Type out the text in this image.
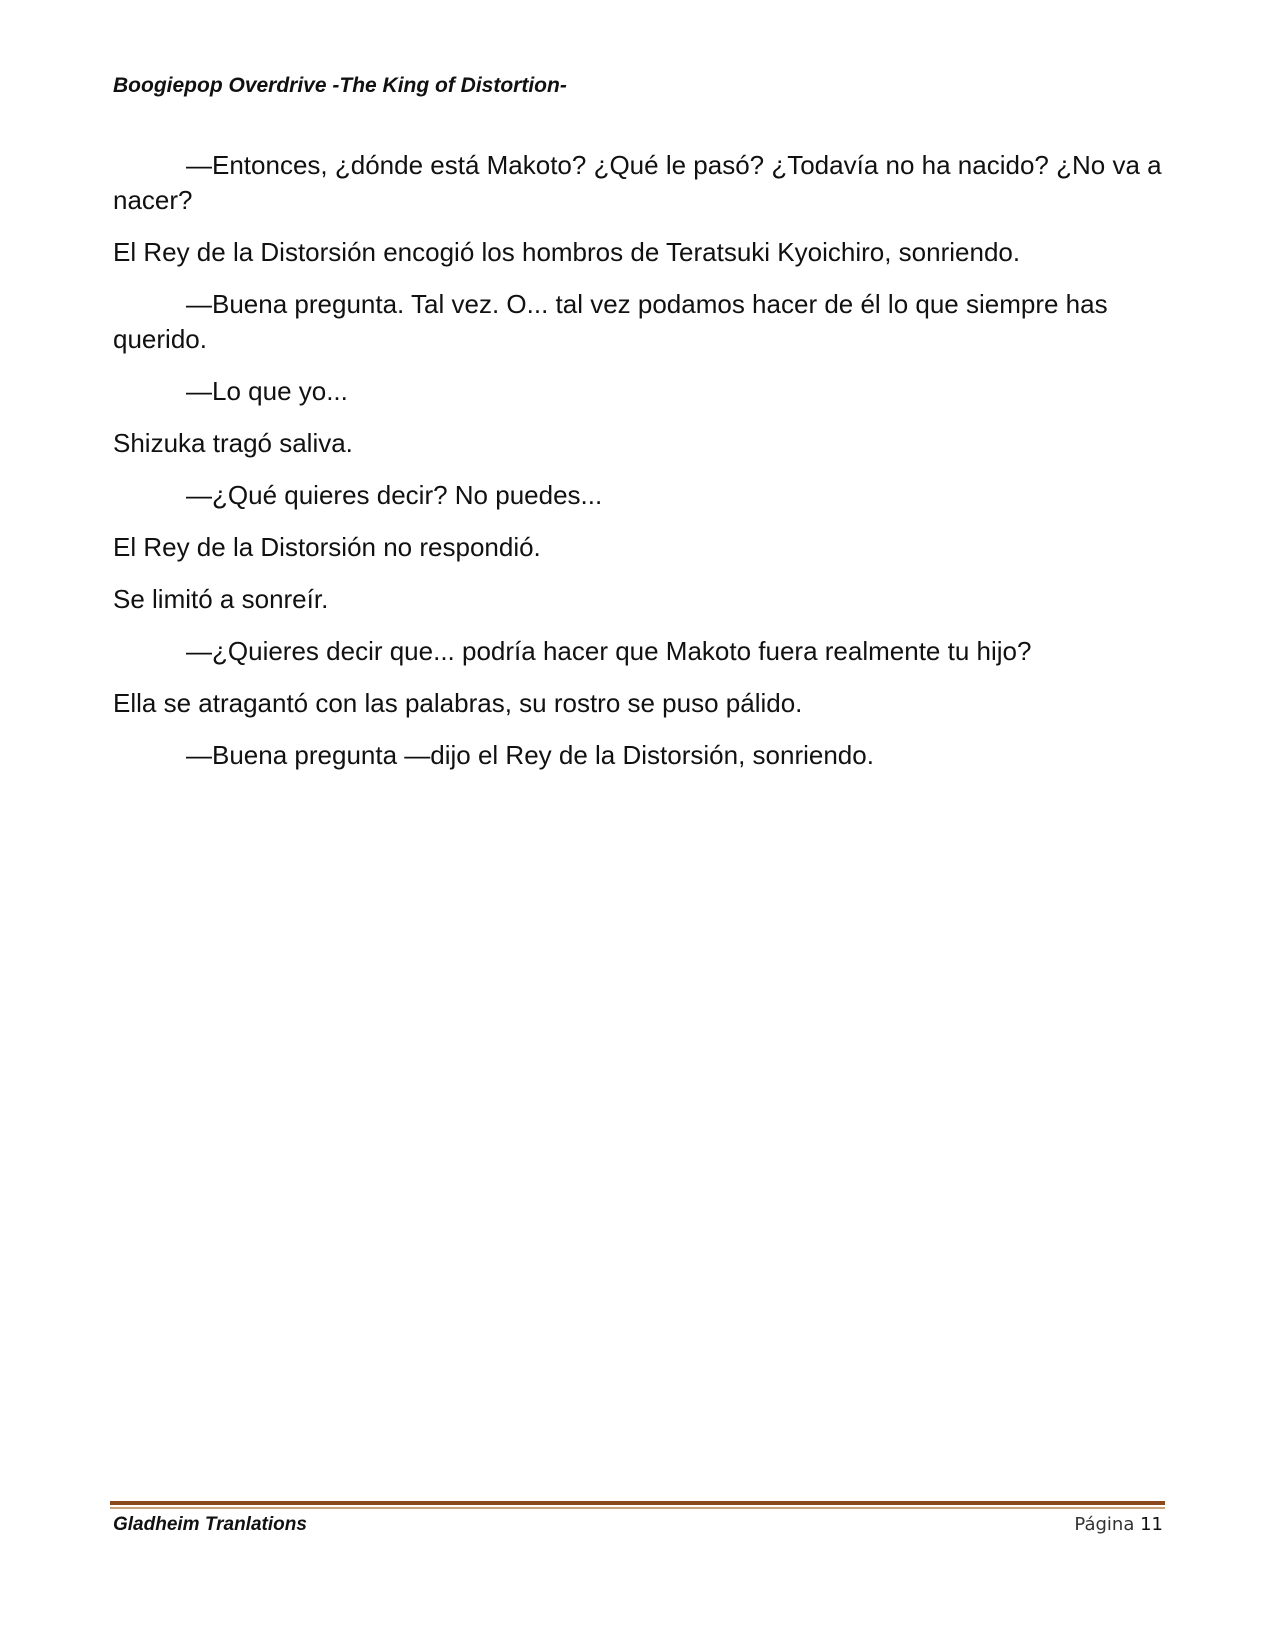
Boogiepop Overdrive -The King of Distortion-

—Entonces, ¿dónde está Makoto? ¿Qué le pasó? ¿Todavía no ha nacido? ¿No va a nacer?

El Rey de la Distorsión encogió los hombros de Teratsuki Kyoichiro, sonriendo.

—Buena pregunta. Tal vez. O... tal vez podamos hacer de él lo que siempre has querido.

—Lo que yo...

Shizuka tragó saliva.

—¿Qué quieres decir? No puedes...

El Rey de la Distorsión no respondió.

Se limitó a sonreír.

—¿Quieres decir que... podría hacer que Makoto fuera realmente tu hijo?

Ella se atragantó con las palabras, su rostro se puso pálido.

—Buena pregunta —dijo el Rey de la Distorsión, sonriendo.

Gladheim Tranlations	Página 11
